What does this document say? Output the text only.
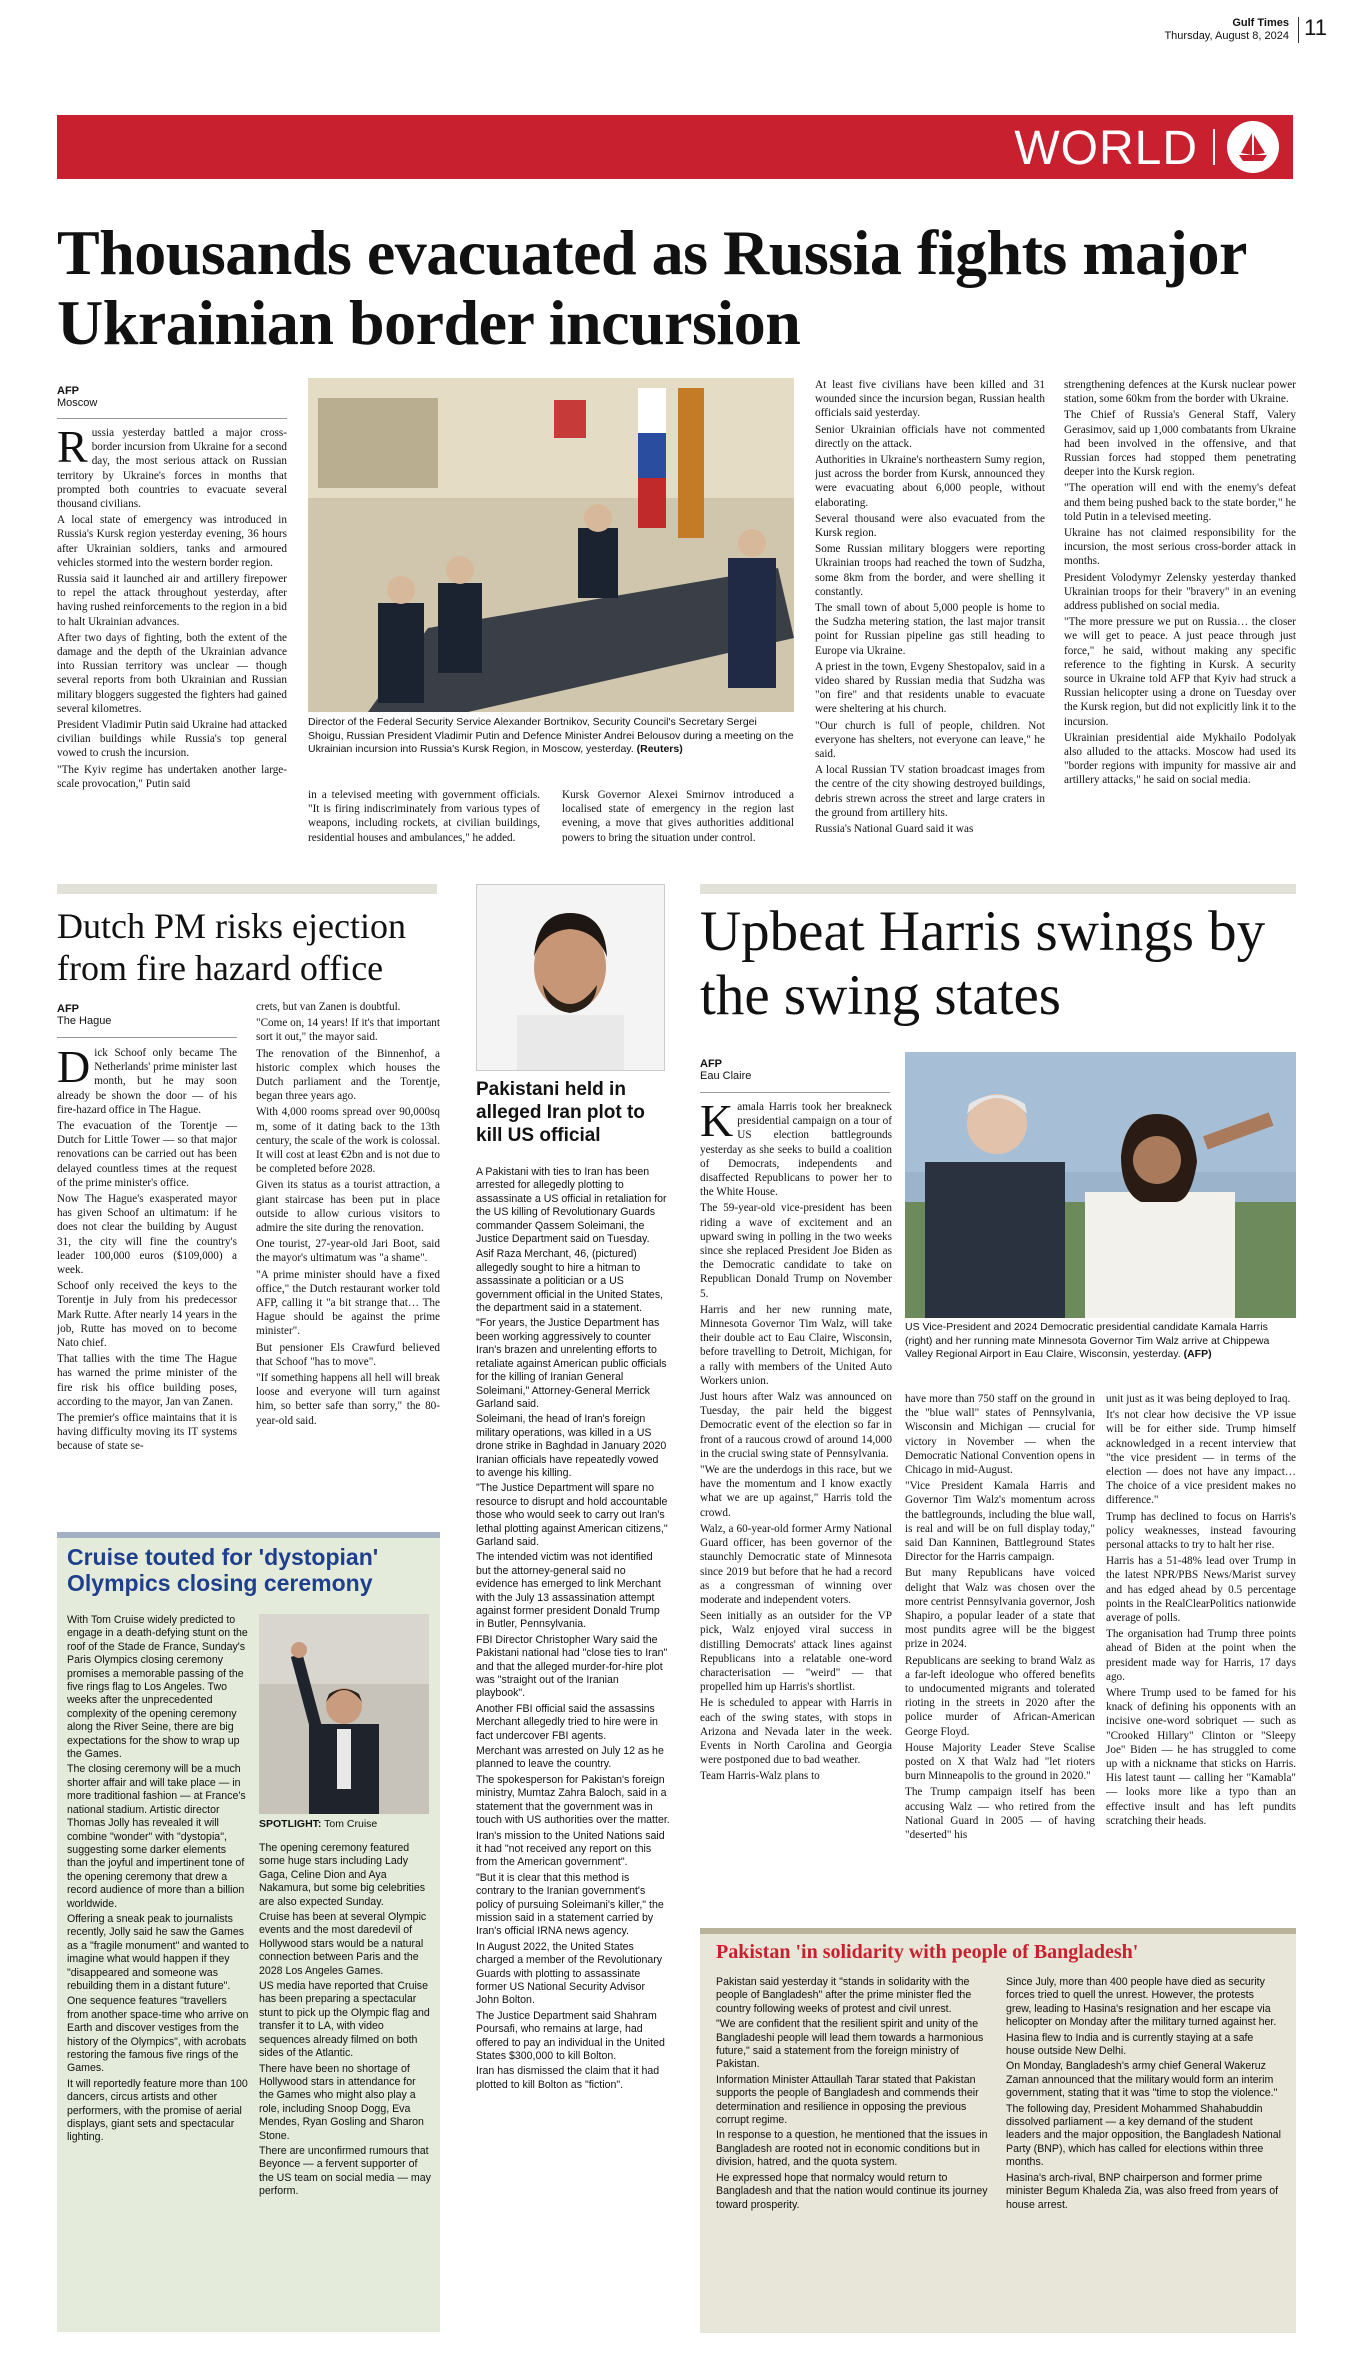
Gulf Times
Thursday, August 8, 2024 11
WORLD
Thousands evacuated as Russia fights major Ukrainian border incursion
AFP
Moscow
R ussia yesterday battled a major cross-border incursion from Ukraine for a second day, the most serious attack on Russian territory by Ukraine's forces in months that prompted both countries to evacuate several thousand civilians.

A local state of emergency was introduced in Russia's Kursk region yesterday evening, 36 hours after Ukrainian soldiers, tanks and armoured vehicles stormed into the western border region.

Russia said it launched air and artillery firepower to repel the attack throughout yesterday, after having rushed reinforcements to the region in a bid to halt Ukrainian advances.

After two days of fighting, both the extent of the damage and the depth of the Ukrainian advance into Russian territory was unclear — though several reports from both Ukrainian and Russian military bloggers suggested the fighters had gained several kilometres.

President Vladimir Putin said Ukraine had attacked civilian buildings while Russia's top general vowed to crush the incursion.

"The Kyiv regime has undertaken another large-scale provocation," Putin said

Director of the Federal Security Service Alexander Bortnikov, Security Council's Secretary Sergei Shoigu, Russian President Vladimir Putin and Defence Minister Andrei Belousov during a meeting on the Ukrainian incursion into Russia's Kursk Region, in Moscow, yesterday. (Reuters)

in a televised meeting with government officials. "It is firing indiscriminately from various types of weapons, including rockets, at civilian buildings, residential houses and ambulances," he added.

Kursk Governor Alexei Smirnov introduced a localised state of emergency in the region last evening, a move that gives authorities additional powers to bring the situation under control.

At least five civilians have been killed and 31 wounded since the incursion began, Russian health officials said yesterday.

Senior Ukrainian officials have not commented directly on the attack.

Authorities in Ukraine's northeastern Sumy region, just across the border from Kursk, announced they were evacuating about 6,000 people, without elaborating.

Several thousand were also evacuated from the Kursk region.

Some Russian military bloggers were reporting Ukrainian troops had reached the town of Sudzha, some 8km from the border, and were shelling it constantly.

The small town of about 5,000 people is home to the Sudzha metering station, the last major transit point for Russian pipeline gas still heading to Europe via Ukraine.

A priest in the town, Evgeny Shestopalov, said in a video shared by Russian media that Sudzha was "on fire" and that residents unable to evacuate were sheltering at his church.

"Our church is full of people, children. Not everyone has shelters, not everyone can leave," he said.

A local Russian TV station broadcast images from the centre of the city showing destroyed buildings, debris strewn across the street and large craters in the ground from artillery hits.

Russia's National Guard said it was

strengthening defences at the Kursk nuclear power station, some 60km from the border with Ukraine.

The Chief of Russia's General Staff, Valery Gerasimov, said up 1,000 combatants from Ukraine had been involved in the offensive, and that Russian forces had stopped them penetrating deeper into the Kursk region.

"The operation will end with the enemy's defeat and them being pushed back to the state border," he told Putin in a televised meeting.

Ukraine has not claimed responsibility for the incursion, the most serious cross-border attack in months.

President Volodymyr Zelensky yesterday thanked Ukrainian troops for their "bravery" in an evening address published on social media.

"The more pressure we put on Russia… the closer we will get to peace. A just peace through just force," he said, without making any specific reference to the fighting in Kursk. A security source in Ukraine told AFP that Kyiv had struck a Russian helicopter using a drone on Tuesday over the Kursk region, but did not explicitly link it to the incursion.

Ukrainian presidential aide Mykhailo Podolyak also alluded to the attacks. Moscow had used its "border regions with impunity for massive air and artillery attacks," he said on social media.

Dutch PM risks ejection from fire hazard office
AFP
The Hague
D ick Schoof only became The Netherlands' prime minister last month, but he may soon already be shown the door — of his fire-hazard office in The Hague.

The evacuation of the Torentje — Dutch for Little Tower — so that major renovations can be carried out has been delayed countless times at the request of the prime minister's office.

Now The Hague's exasperated mayor has given Schoof an ultimatum: if he does not clear the building by August 31, the city will fine the country's leader 100,000 euros ($109,000) a week.

Schoof only received the keys to the Torentje in July from his predecessor Mark Rutte. After nearly 14 years in the job, Rutte has moved on to become Nato chief.

That tallies with the time The Hague has warned the prime minister of the fire risk his office building poses, according to the mayor, Jan van Zanen.

The premier's office maintains that it is having difficulty moving its IT systems because of state se-

crets, but van Zanen is doubtful.

"Come on, 14 years! If it's that important sort it out," the mayor said.

The renovation of the Binnenhof, a historic complex which houses the Dutch parliament and the Torentje, began three years ago.

With 4,000 rooms spread over 90,000sq m, some of it dating back to the 13th century, the scale of the work is colossal. It will cost at least €2bn and is not due to be completed before 2028.

Given its status as a tourist attraction, a giant staircase has been put in place outside to allow curious visitors to admire the site during the renovation.

One tourist, 27-year-old Jari Boot, said the mayor's ultimatum was "a shame".

"A prime minister should have a fixed office," the Dutch restaurant worker told AFP, calling it "a bit strange that… The Hague should be against the prime minister".

But pensioner Els Crawfurd believed that Schoof "has to move".

"If something happens all hell will break loose and everyone will turn against him, so better safe than sorry," the 80-year-old said.

Cruise touted for 'dystopian' Olympics closing ceremony

With Tom Cruise widely predicted to engage in a death-defying stunt on the roof of the Stade de France, Sunday's Paris Olympics closing ceremony promises a memorable passing of the five rings flag to Los Angeles. Two weeks after the unprecedented complexity of the opening ceremony along the River Seine, there are big expectations for the show to wrap up the Games.

The closing ceremony will be a much shorter affair and will take place — in more traditional fashion — at France's national stadium. Artistic director Thomas Jolly has revealed it will combine "wonder" with "dystopia", suggesting some darker elements than the joyful and impertinent tone of the opening ceremony that drew a record audience of more than a billion worldwide.

Offering a sneak peak to journalists recently, Jolly said he saw the Games as a "fragile monument" and wanted to imagine what would happen if they "disappeared and someone was rebuilding them in a distant future".

One sequence features "travellers from another space-time who arrive on Earth and discover vestiges from the history of the Olympics", with acrobats restoring the famous five rings of the Games.

It will reportedly feature more than 100 dancers, circus artists and other performers, with the promise of aerial displays, giant sets and spectacular lighting.

SPOTLIGHT: Tom Cruise

The opening ceremony featured some huge stars including Lady Gaga, Celine Dion and Aya Nakamura, but some big celebrities are also expected Sunday.

Cruise has been at several Olympic events and the most daredevil of Hollywood stars would be a natural connection between Paris and the 2028 Los Angeles Games.

US media have reported that Cruise has been preparing a spectacular stunt to pick up the Olympic flag and transfer it to LA, with video sequences already filmed on both sides of the Atlantic.

There have been no shortage of Hollywood stars in attendance for the Games who might also play a role, including Snoop Dogg, Eva Mendes, Ryan Gosling and Sharon Stone.

There are unconfirmed rumours that Beyonce — a fervent supporter of the US team on social media — may perform.

Pakistani held in alleged Iran plot to kill US official

A Pakistani with ties to Iran has been arrested for allegedly plotting to assassinate a US official in retaliation for the US killing of Revolutionary Guards commander Qassem Soleimani, the Justice Department said on Tuesday.

Asif Raza Merchant, 46, (pictured) allegedly sought to hire a hitman to assassinate a politician or a US government official in the United States, the department said in a statement.

"For years, the Justice Department has been working aggressively to counter Iran's brazen and unrelenting efforts to retaliate against American public officials for the killing of Iranian General Soleimani," Attorney-General Merrick Garland said.

Soleimani, the head of Iran's foreign military operations, was killed in a US drone strike in Baghdad in January 2020 Iranian officials have repeatedly vowed to avenge his killing.

"The Justice Department will spare no resource to disrupt and hold accountable those who would seek to carry out Iran's lethal plotting against American citizens," Garland said.

The intended victim was not identified but the attorney-general said no evidence has emerged to link Merchant with the July 13 assassination attempt against former president Donald Trump in Butler, Pennsylvania.

FBI Director Christopher Wary said the Pakistani national had "close ties to Iran" and that the alleged murder-for-hire plot was "straight out of the Iranian playbook".

Another FBI official said the assassins Merchant allegedly tried to hire were in fact undercover FBI agents.

Merchant was arrested on July 12 as he planned to leave the country.

The spokesperson for Pakistan's foreign ministry, Mumtaz Zahra Baloch, said in a statement that the government was in touch with US authorities over the matter.

Iran's mission to the United Nations said it had "not received any report on this from the American government".

"But it is clear that this method is contrary to the Iranian government's policy of pursuing Soleimani's killer," the mission said in a statement carried by Iran's official IRNA news agency.

In August 2022, the United States charged a member of the Revolutionary Guards with plotting to assassinate former US National Security Advisor John Bolton.

The Justice Department said Shahram Poursafi, who remains at large, had offered to pay an individual in the United States $300,000 to kill Bolton.

Iran has dismissed the claim that it had plotted to kill Bolton as "fiction".

Upbeat Harris swings by the swing states
AFP
Eau Claire
K amala Harris took her breakneck presidential campaign on a tour of US election battlegrounds yesterday as she seeks to build a coalition of Democrats, independents and disaffected Republicans to power her to the White House.

The 59-year-old vice-president has been riding a wave of excitement and an upward swing in polling in the two weeks since she replaced President Joe Biden as the Democratic candidate to take on Republican Donald Trump on November 5.

Harris and her new running mate, Minnesota Governor Tim Walz, will take their double act to Eau Claire, Wisconsin, before travelling to Detroit, Michigan, for a rally with members of the United Auto Workers union.

Just hours after Walz was announced on Tuesday, the pair held the biggest Democratic event of the election so far in front of a raucous crowd of around 14,000 in the crucial swing state of Pennsylvania.

"We are the underdogs in this race, but we have the momentum and I know exactly what we are up against," Harris told the crowd.

Walz, a 60-year-old former Army National Guard officer, has been governor of the staunchly Democratic state of Minnesota since 2019 but before that he had a record as a congressman of winning over moderate and independent voters.

Seen initially as an outsider for the VP pick, Walz enjoyed viral success in distilling Democrats' attack lines against Republicans into a relatable one-word characterisation — "weird" — that propelled him up Harris's shortlist.

He is scheduled to appear with Harris in each of the swing states, with stops in Arizona and Nevada later in the week. Events in North Carolina and Georgia were postponed due to bad weather.

Team Harris-Walz plans to

US Vice-President and 2024 Democratic presidential candidate Kamala Harris (right) and her running mate Minnesota Governor Tim Walz arrive at Chippewa Valley Regional Airport in Eau Claire, Wisconsin, yesterday. (AFP)

have more than 750 staff on the ground in the "blue wall" states of Pennsylvania, Wisconsin and Michigan — crucial for victory in November — when the Democratic National Convention opens in Chicago in mid-August.

"Vice President Kamala Harris and Governor Tim Walz's momentum across the battlegrounds, including the blue wall, is real and will be on full display today," said Dan Kanninen, Battleground States Director for the Harris campaign.

But many Republicans have voiced delight that Walz was chosen over the more centrist Pennsylvania governor, Josh Shapiro, a popular leader of a state that most pundits agree will be the biggest prize in 2024.

Republicans are seeking to brand Walz as a far-left ideologue who offered benefits to undocumented migrants and tolerated rioting in the streets in 2020 after the police murder of African-American George Floyd.

House Majority Leader Steve Scalise posted on X that Walz had "let rioters burn Minneapolis to the ground in 2020."

The Trump campaign itself has been accusing Walz — who retired from the National Guard in 2005 — of having "deserted" his

unit just as it was being deployed to Iraq.

It's not clear how decisive the VP issue will be for either side. Trump himself acknowledged in a recent interview that "the vice president — in terms of the election — does not have any impact… The choice of a vice president makes no difference."

Trump has declined to focus on Harris's policy weaknesses, instead favouring personal attacks to try to halt her rise.

Harris has a 51-48% lead over Trump in the latest NPR/PBS News/Marist survey and has edged ahead by 0.5 percentage points in the RealClearPolitics nationwide average of polls.

The organisation had Trump three points ahead of Biden at the point when the president made way for Harris, 17 days ago.

Where Trump used to be famed for his knack of defining his opponents with an incisive one-word sobriquet — such as "Crooked Hillary" Clinton or "Sleepy Joe" Biden — he has struggled to come up with a nickname that sticks on Harris. His latest taunt — calling her "Kamabla" — looks more like a typo than an effective insult and has left pundits scratching their heads.

Pakistan 'in solidarity with people of Bangladesh'

Pakistan said yesterday it "stands in solidarity with the people of Bangladesh" after the prime minister fled the country following weeks of protest and civil unrest.

"We are confident that the resilient spirit and unity of the Bangladeshi people will lead them towards a harmonious future," said a statement from the foreign ministry of Pakistan.

Information Minister Attaullah Tarar stated that Pakistan supports the people of Bangladesh and commends their determination and resilience in opposing the previous corrupt regime.

In response to a question, he mentioned that the issues in Bangladesh are rooted not in economic conditions but in division, hatred, and the quota system.

He expressed hope that normalcy would return to Bangladesh and that the nation would continue its journey toward prosperity.

Since July, more than 400 people have died as security forces tried to quell the unrest. However, the protests grew, leading to Hasina's resignation and her escape via helicopter on Monday after the military turned against her.

Hasina flew to India and is currently staying at a safe house outside New Delhi.

On Monday, Bangladesh's army chief General Wakeruz Zaman announced that the military would form an interim government, stating that it was "time to stop the violence."

The following day, President Mohammed Shahabuddin dissolved parliament — a key demand of the student leaders and the major opposition, the Bangladesh National Party (BNP), which has called for elections within three months.

Hasina's arch-rival, BNP chairperson and former prime minister Begum Khaleda Zia, was also freed from years of house arrest.
